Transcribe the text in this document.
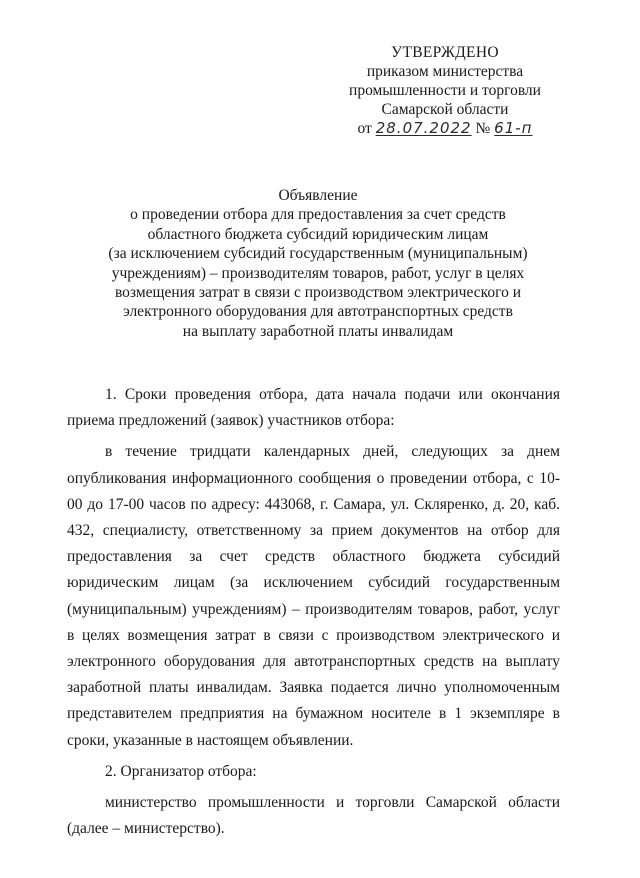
УТВЕРЖДЕНО
приказом министерства
промышленности и торговли
Самарской области
от 28.07.2022 № 61-п
Объявление
о проведении отбора для предоставления за счет средств
областного бюджета субсидий юридическим лицам
(за исключением субсидий государственным (муниципальным)
учреждениям) – производителям товаров, работ, услуг в целях
возмещения затрат в связи с производством электрического и
электронного оборудования для автотранспортных средств
на выплату заработной платы инвалидам

1. Сроки проведения отбора, дата начала подачи или окончания приема предложений (заявок) участников отбора:

в течение тридцати календарных дней, следующих за днем опубликования информационного сообщения о проведении отбора, с 10-00 до 17-00 часов по адресу: 443068, г. Самара, ул. Скляренко, д. 20, каб. 432, специалисту, ответственному за прием документов на отбор для предоставления за счет средств областного бюджета субсидий юридическим лицам (за исключением субсидий государственным (муниципальным) учреждениям) – производителям товаров, работ, услуг в целях возмещения затрат в связи с производством электрического и электронного оборудования для автотранспортных средств на выплату заработной платы инвалидам. Заявка подается лично уполномоченным представителем предприятия на бумажном носителе в 1 экземпляре в сроки, указанные в настоящем объявлении.

2. Организатор отбора:

министерство промышленности и торговли Самарской области (далее – министерство).
